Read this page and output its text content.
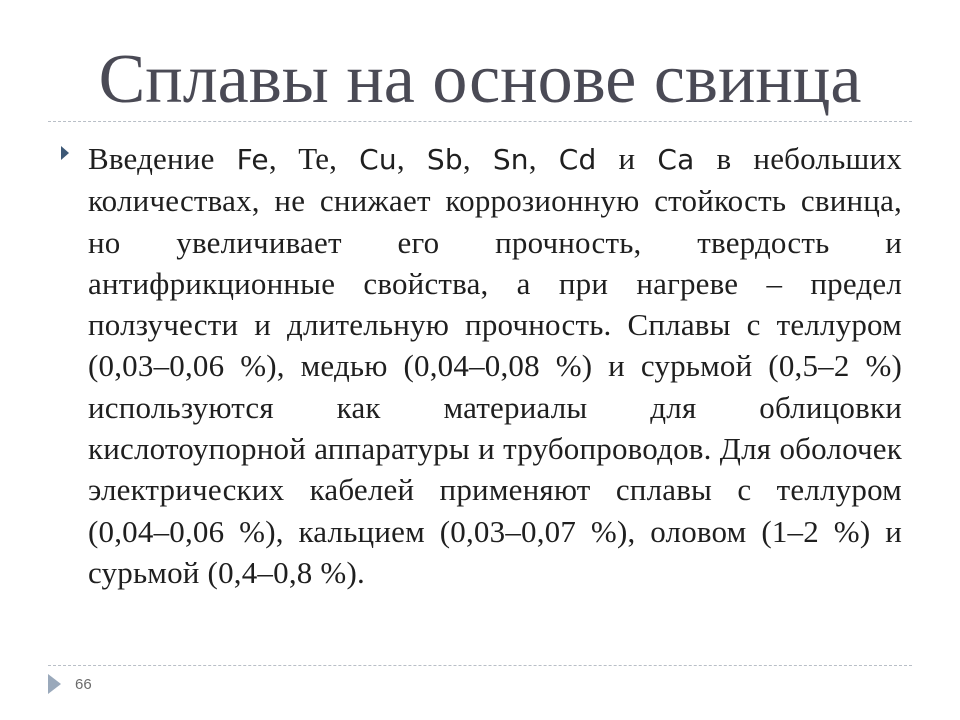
Сплавы на основе свинца

Введение Fe, Te, Cu, Sb, Sn, Cd и Ca в небольших количествах, не снижает коррозионную стойкость свинца, но увеличивает его прочность, твердость и антифрикционные свойства, а при нагреве – предел ползучести и длительную прочность. Сплавы с теллуром (0,03–0,06 %), медью (0,04–0,08 %) и сурьмой (0,5–2 %) используются как материалы для облицовки кислотоупорной аппаратуры и трубопроводов. Для оболочек электрических кабелей применяют сплавы с теллуром (0,04–0,06 %), кальцием (0,03–0,07 %), оловом (1–2 %) и сурьмой (0,4–0,8 %).

66
